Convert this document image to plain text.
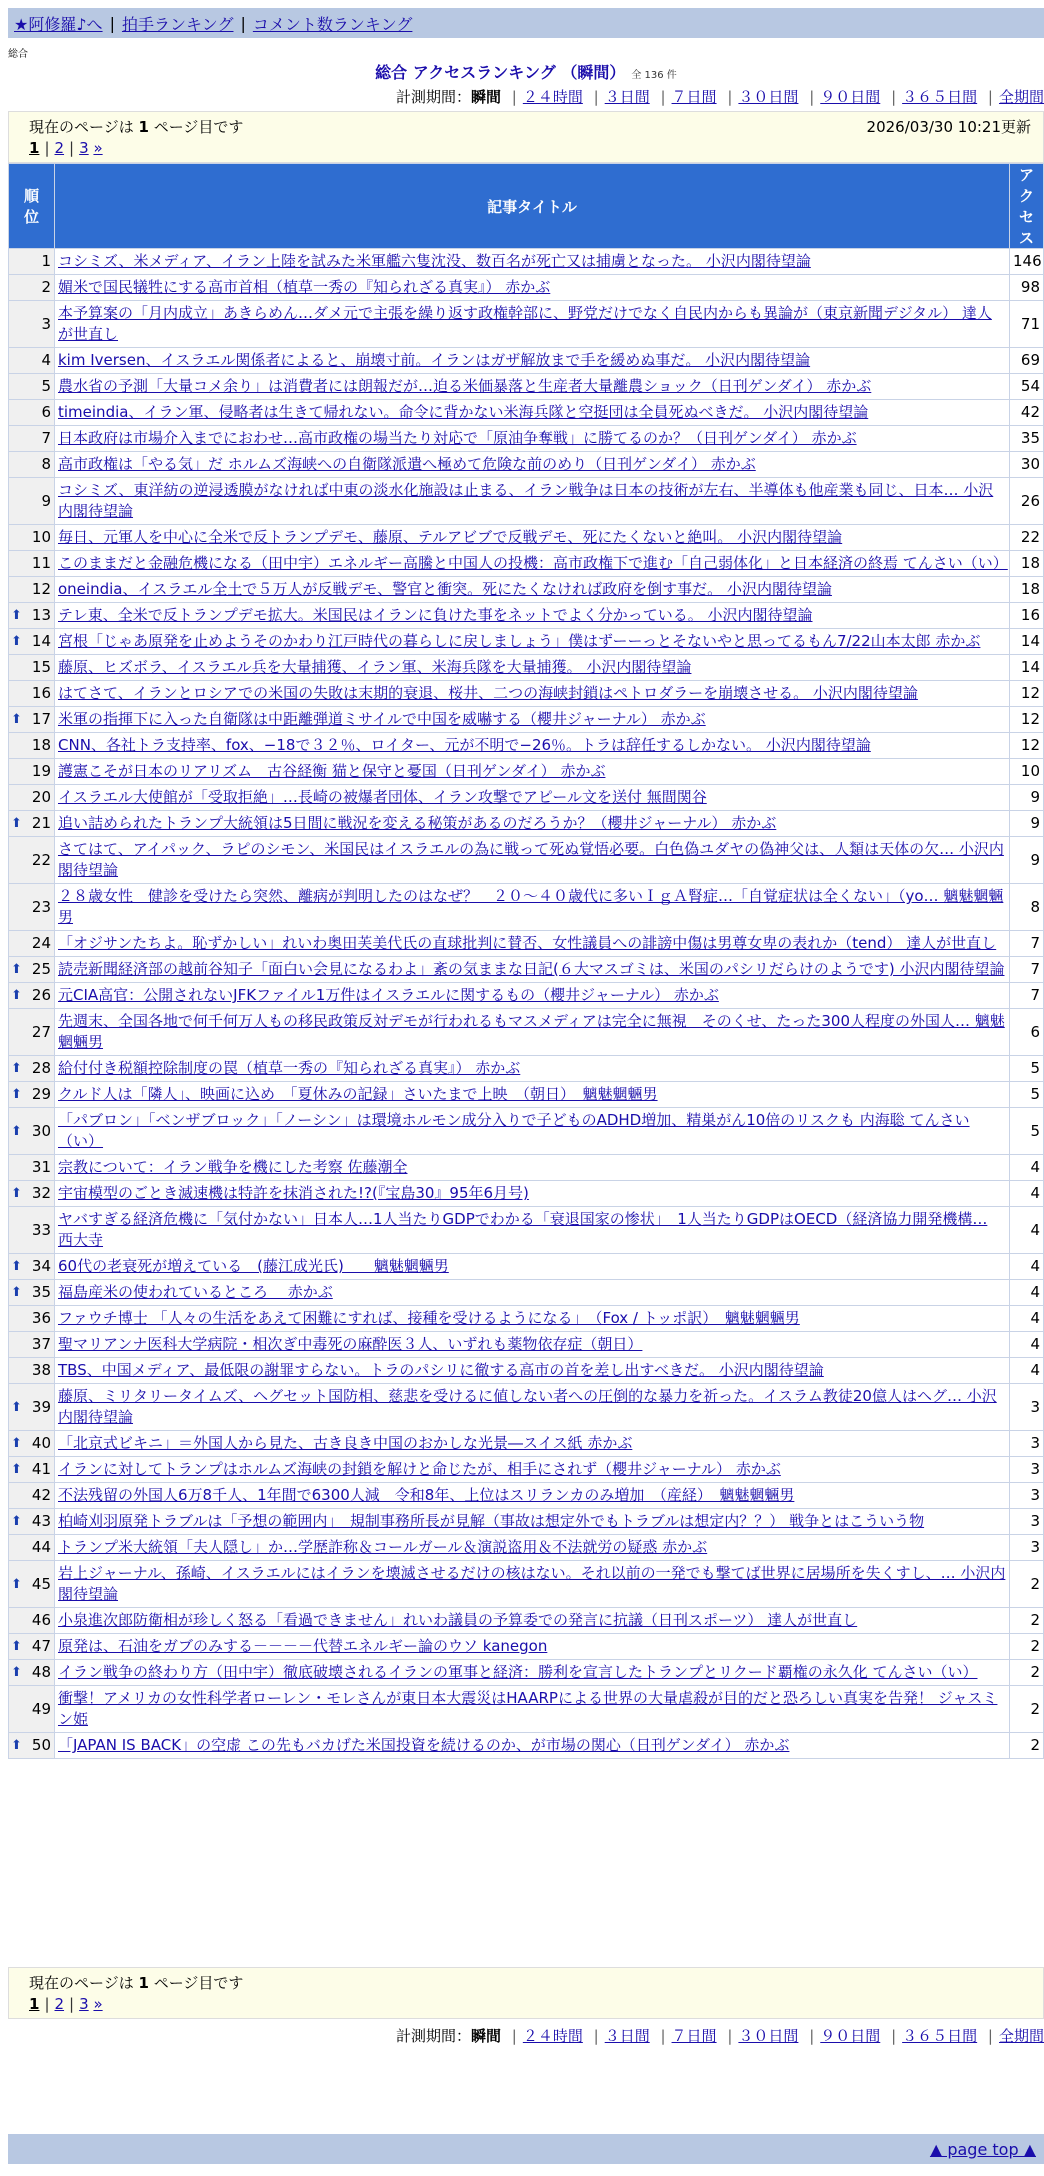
★阿修羅♪へ | 拍手ランキング | コメント数ランキング
総合
総合 アクセスランキング （瞬間） 全 136 件
計測期間：瞬間 | ２４時間 | ３日間 | ７日間 | ３０日間 | ９０日間 | ３６５日間 | 全期間
現在のページは 1 ページ目です	2026/03/30 10:21更新
1 | 2 | 3 »
順位	記事タイトル	アクセス
1	コシミズ、米メディア、イラン上陸を試みた米軍艦六隻沈没、数百名が死亡又は捕虜となった。 小沢内閣待望論	146
2	媚米で国民犠牲にする高市首相（植草一秀の『知られざる真実』） 赤かぶ	98
3	本予算案の「月内成立」あきらめん…ダメ元で主張を繰り返す政権幹部に、野党だけでなく自民内からも異論が（東京新聞デジタル） 達人が世直し	71
4	kim Iversen、イスラエル関係者によると、崩壊寸前。イランはガザ解放まで手を緩めぬ事だ。 小沢内閣待望論	69
5	農水省の予測「大量コメ余り」は消費者には朗報だが…迫る米価暴落と生産者大量離農ショック（日刊ゲンダイ） 赤かぶ	54
6	timeindia、イラン軍、侵略者は生きて帰れない。命令に背かない米海兵隊と空挺団は全員死ぬべきだ。 小沢内閣待望論	42
7	日本政府は市場介入までにおわせ…高市政権の場当たり対応で「原油争奪戦」に勝てるのか？（日刊ゲンダイ） 赤かぶ	35
8	高市政権は「やる気」だ ホルムズ海峡への自衛隊派遣へ極めて危険な前のめり（日刊ゲンダイ） 赤かぶ	30
9	コシミズ、東洋紡の逆浸透膜がなければ中東の淡水化施設は止まる、イラン戦争は日本の技術が左右、半導体も他産業も同じ、日本… 小沢内閣待望論	26
10	毎日、元軍人を中心に全米で反トランプデモ、藤原、テルアビブで反戦デモ、死にたくないと絶叫。 小沢内閣待望論	22
11	このままだと金融危機になる（田中宇）エネルギー高騰と中国人の投機：高市政権下で進む「自己弱体化」と日本経済の終焉 てんさい（い）	18
12	oneindia、イスラエル全土で５万人が反戦デモ、警官と衝突。死にたくなければ政府を倒す事だ。 小沢内閣待望論	18

⬆ 13	テレ東、全米で反トランプデモ拡大。米国民はイランに負けた事をネットでよく分かっている。 小沢内閣待望論	16

⬆ 14	宮根「じゃあ原発を止めようそのかわり江戸時代の暮らしに戻しましょう」僕はずーーっとそないやと思ってるもん7/22山本太郎 赤かぶ	14
15	藤原、ヒズボラ、イスラエル兵を大量捕獲、イラン軍、米海兵隊を大量捕獲。 小沢内閣待望論	14
16	はてさて、イランとロシアでの米国の失敗は末期的衰退、桜井、二つの海峡封鎖はペトロダラーを崩壊させる。 小沢内閣待望論	12

⬆ 17	米軍の指揮下に入った自衛隊は中距離弾道ミサイルで中国を威嚇する（櫻井ジャーナル） 赤かぶ	12
18	CNN、各社トラ支持率、fox、−18で３２％、ロイター、元が不明で−26％。トラは辞任するしかない。 小沢内閣待望論	12
19	護憲こそが日本のリアリズム　古谷経衡 猫と保守と憂国（日刊ゲンダイ） 赤かぶ	10
20	イスラエル大使館が「受取拒絶」…長崎の被爆者団体、イラン攻撃でアピール文を送付 無間関谷	9

⬆ 21	追い詰められたトランプ大統領は5日間に戦況を変える秘策があるのだろうか？（櫻井ジャーナル） 赤かぶ	9
22	さてはて、アイパック、ラピのシモン、米国民はイスラエルの為に戦って死ぬ覚悟必要。白色偽ユダヤの偽神父は、人類は天体の欠… 小沢内閣待望論	9
23	２８歳女性　健診を受けたら突然、離病が判明したのはなぜ？　２０～４０歳代に多いＩｇＡ腎症…「自覚症状は全くない」（yo… 魑魅魍魎男	8
24	「オジサンたちよ。恥ずかしい」れいわ奥田芙美代氏の直球批判に賛否、女性議員への誹謗中傷は男尊女卑の表れか（tend） 達人が世直し	7

⬆ 25	読売新聞経済部の越前谷知子「面白い会見になるわよ」紊の気ままな日記(６大マスゴミは、米国のパシリだらけのようです) 小沢内閣待望論	7

⬆ 26	元CIA高官：公開されないJFKファイル1万件はイスラエルに関するもの（櫻井ジャーナル） 赤かぶ	7
27	先週末、全国各地で何千何万人もの移民政策反対デモが行われるもマスメディアは完全に無視　そのくせ、たった300人程度の外国人… 魑魅魍魎男	6

⬆ 28	給付付き税額控除制度の罠（植草一秀の『知られざる真実』） 赤かぶ	5

⬆ 29	クルド人は「隣人」、映画に込め　「夏休みの記録」さいたまで上映　（朝日）　魑魅魍魎男	5

⬆ 30	「パブロン」「ベンザブロック」「ノーシン」は環境ホルモン成分入りで子どものADHD増加、精巣がん10倍のリスクも 内海聡 てんさい（い）	5
31	宗教について：イラン戦争を機にした考察 佐藤潮全	4

⬆ 32	宇宙模型のごとき滅速機は特許を抹消された!?(『宝島30』95年6月号)	4
33	ヤバすぎる経済危機に「気付かない」日本人…1人当たりGDPでわかる「衰退国家の惨状」　1人当たりGDPはOECD（経済協力開発機構… 西大寺	4

⬆ 34	60代の老衰死が増えている　(藤江成光氏)　　魑魅魍魎男	4

⬆ 35	福島産米の使われているところ　 赤かぶ	4
36	ファウチ博士 「人々の生活をあえて困難にすれば、接種を受けるようになる」　（Fox / トッポ訳）　魑魅魍魎男	4
37	聖マリアンナ医科大学病院・相次ぎ中毒死の麻酔医３人、いずれも薬物依存症（朝日）	4
38	TBS、中国メディア、最低限の謝罪すらない。トラのパシリに徹する高市の首を差し出すべきだ。 小沢内閣待望論	4

⬆ 39	藤原、ミリタリータイムズ、ヘグセット国防相、慈悲を受けるに値しない者への圧倒的な暴力を祈った。イスラム教徒20億人はヘグ… 小沢内閣待望論	3

⬆ 40	「北京式ビキニ」＝外国人から見た、古き良き中国のおかしな光景―スイス紙 赤かぶ	3

⬆ 41	イランに対してトランプはホルムズ海峡の封鎖を解けと命じたが、相手にされず（櫻井ジャーナル） 赤かぶ	3
42	不法残留の外国人6万8千人、1年間で6300人減　令和8年、上位はスリランカのみ増加　（産経）　魑魅魍魎男	3

⬆ 43	柏崎刈羽原発トラブルは「予想の範囲内」　規制事務所長が見解（事故は想定外でもトラブルは想定内？？） 戦争とはこういう物	3
44	トランプ米大統領「夫人隠し」か…学歴詐称＆コールガール＆演説盗用＆不法就労の疑惑 赤かぶ	3

⬆ 45	岩上ジャーナル、孫崎、イスラエルにはイランを壊滅させるだけの核はない。それ以前の一発でも撃てば世界に居場所を失くすし、… 小沢内閣待望論	2
46	小泉進次郎防衛相が珍しく怒る「看過できません」れいわ議員の予算委での発言に抗議（日刊スポーツ） 達人が世直し	2

⬆ 47	原発は、石油をガブのみする－－－－代替エネルギー論のウソ kanegon	2

⬆ 48	イラン戦争の終わり方（田中宇）徹底破壊されるイランの軍事と経済：勝利を宣言したトランプとリクード覇権の永久化 てんさい（い）	2
49	衝撃！アメリカの女性科学者ローレン・モレさんが東日本大震災はHAARPによる世界の大量虐殺が目的だと恐ろしい真実を告発！ ジャスミン姫	2

⬆ 50	「JAPAN IS BACK」の空虚 この先もバカげた米国投資を続けるのか、が市場の関心（日刊ゲンダイ） 赤かぶ	2
現在のページは 1 ページ目です
1 | 2 | 3 »
計測期間：瞬間 | ２４時間 | ３日間 | ７日間 | ３０日間 | ９０日間 | ３６５日間 | 全期間
▲ page top ▲
